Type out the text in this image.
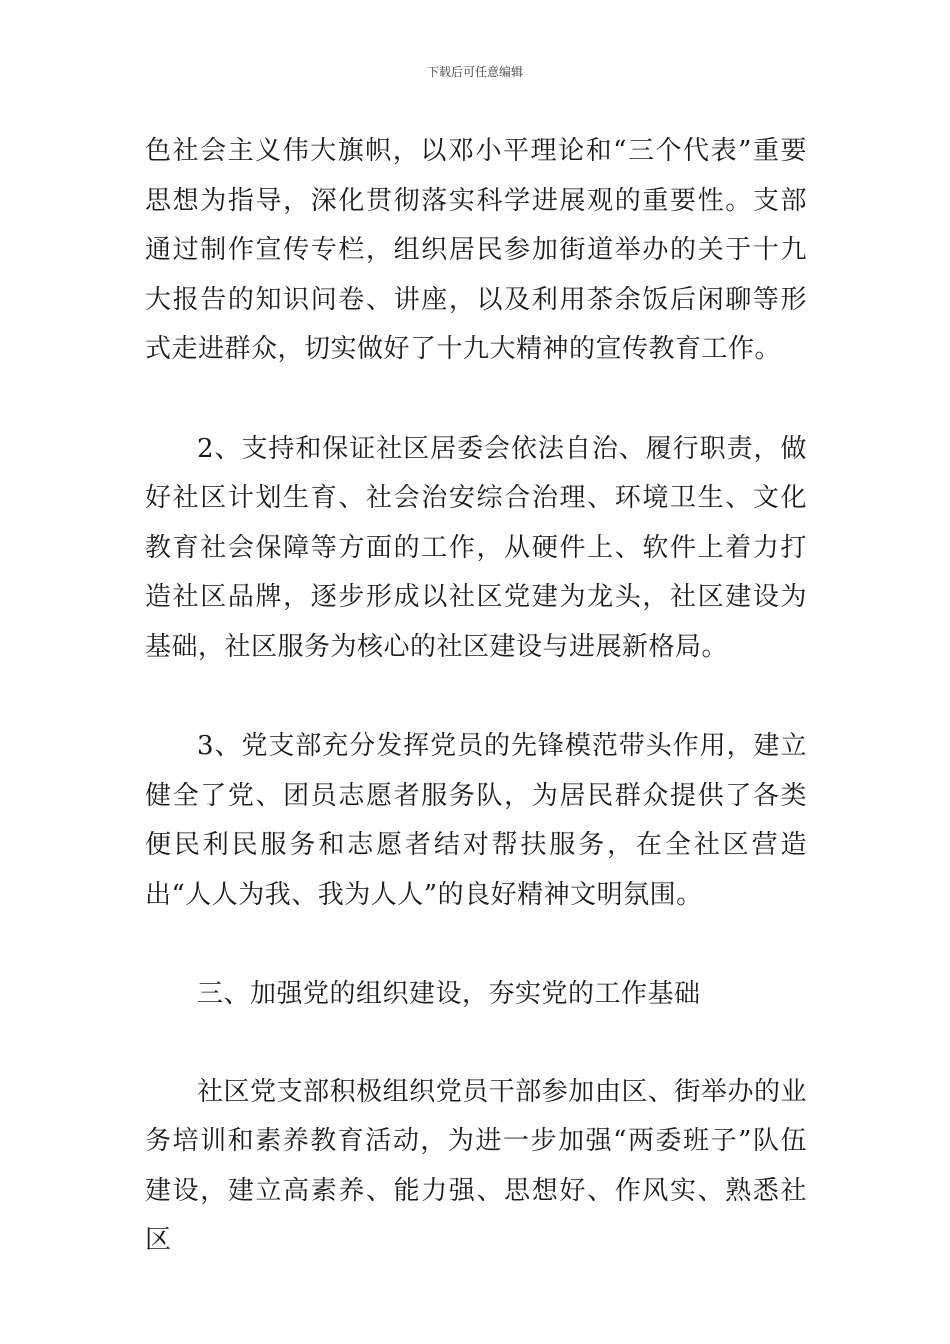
下载后可任意编辑

色社会主义伟大旗帜，以邓小平理论和“三个代表”重要思想为指导，深化贯彻落实科学进展观的重要性。支部通过制作宣传专栏，组织居民参加街道举办的关于十九大报告的知识问卷、讲座，以及利用茶余饭后闲聊等形式走进群众，切实做好了十九大精神的宣传教育工作。

2、支持和保证社区居委会依法自治、履行职责，做好社区计划生育、社会治安综合治理、环境卫生、文化教育社会保障等方面的工作，从硬件上、软件上着力打造社区品牌，逐步形成以社区党建为龙头，社区建设为基础，社区服务为核心的社区建设与进展新格局。

3、党支部充分发挥党员的先锋模范带头作用，建立健全了党、团员志愿者服务队，为居民群众提供了各类便民利民服务和志愿者结对帮扶服务，在全社区营造出“人人为我、我为人人”的良好精神文明氛围。

三、加强党的组织建设，夯实党的工作基础

社区党支部积极组织党员干部参加由区、街举办的业务培训和素养教育活动，为进一步加强“两委班子”队伍建设，建立高素养、能力强、思想好、作风实、熟悉社区
